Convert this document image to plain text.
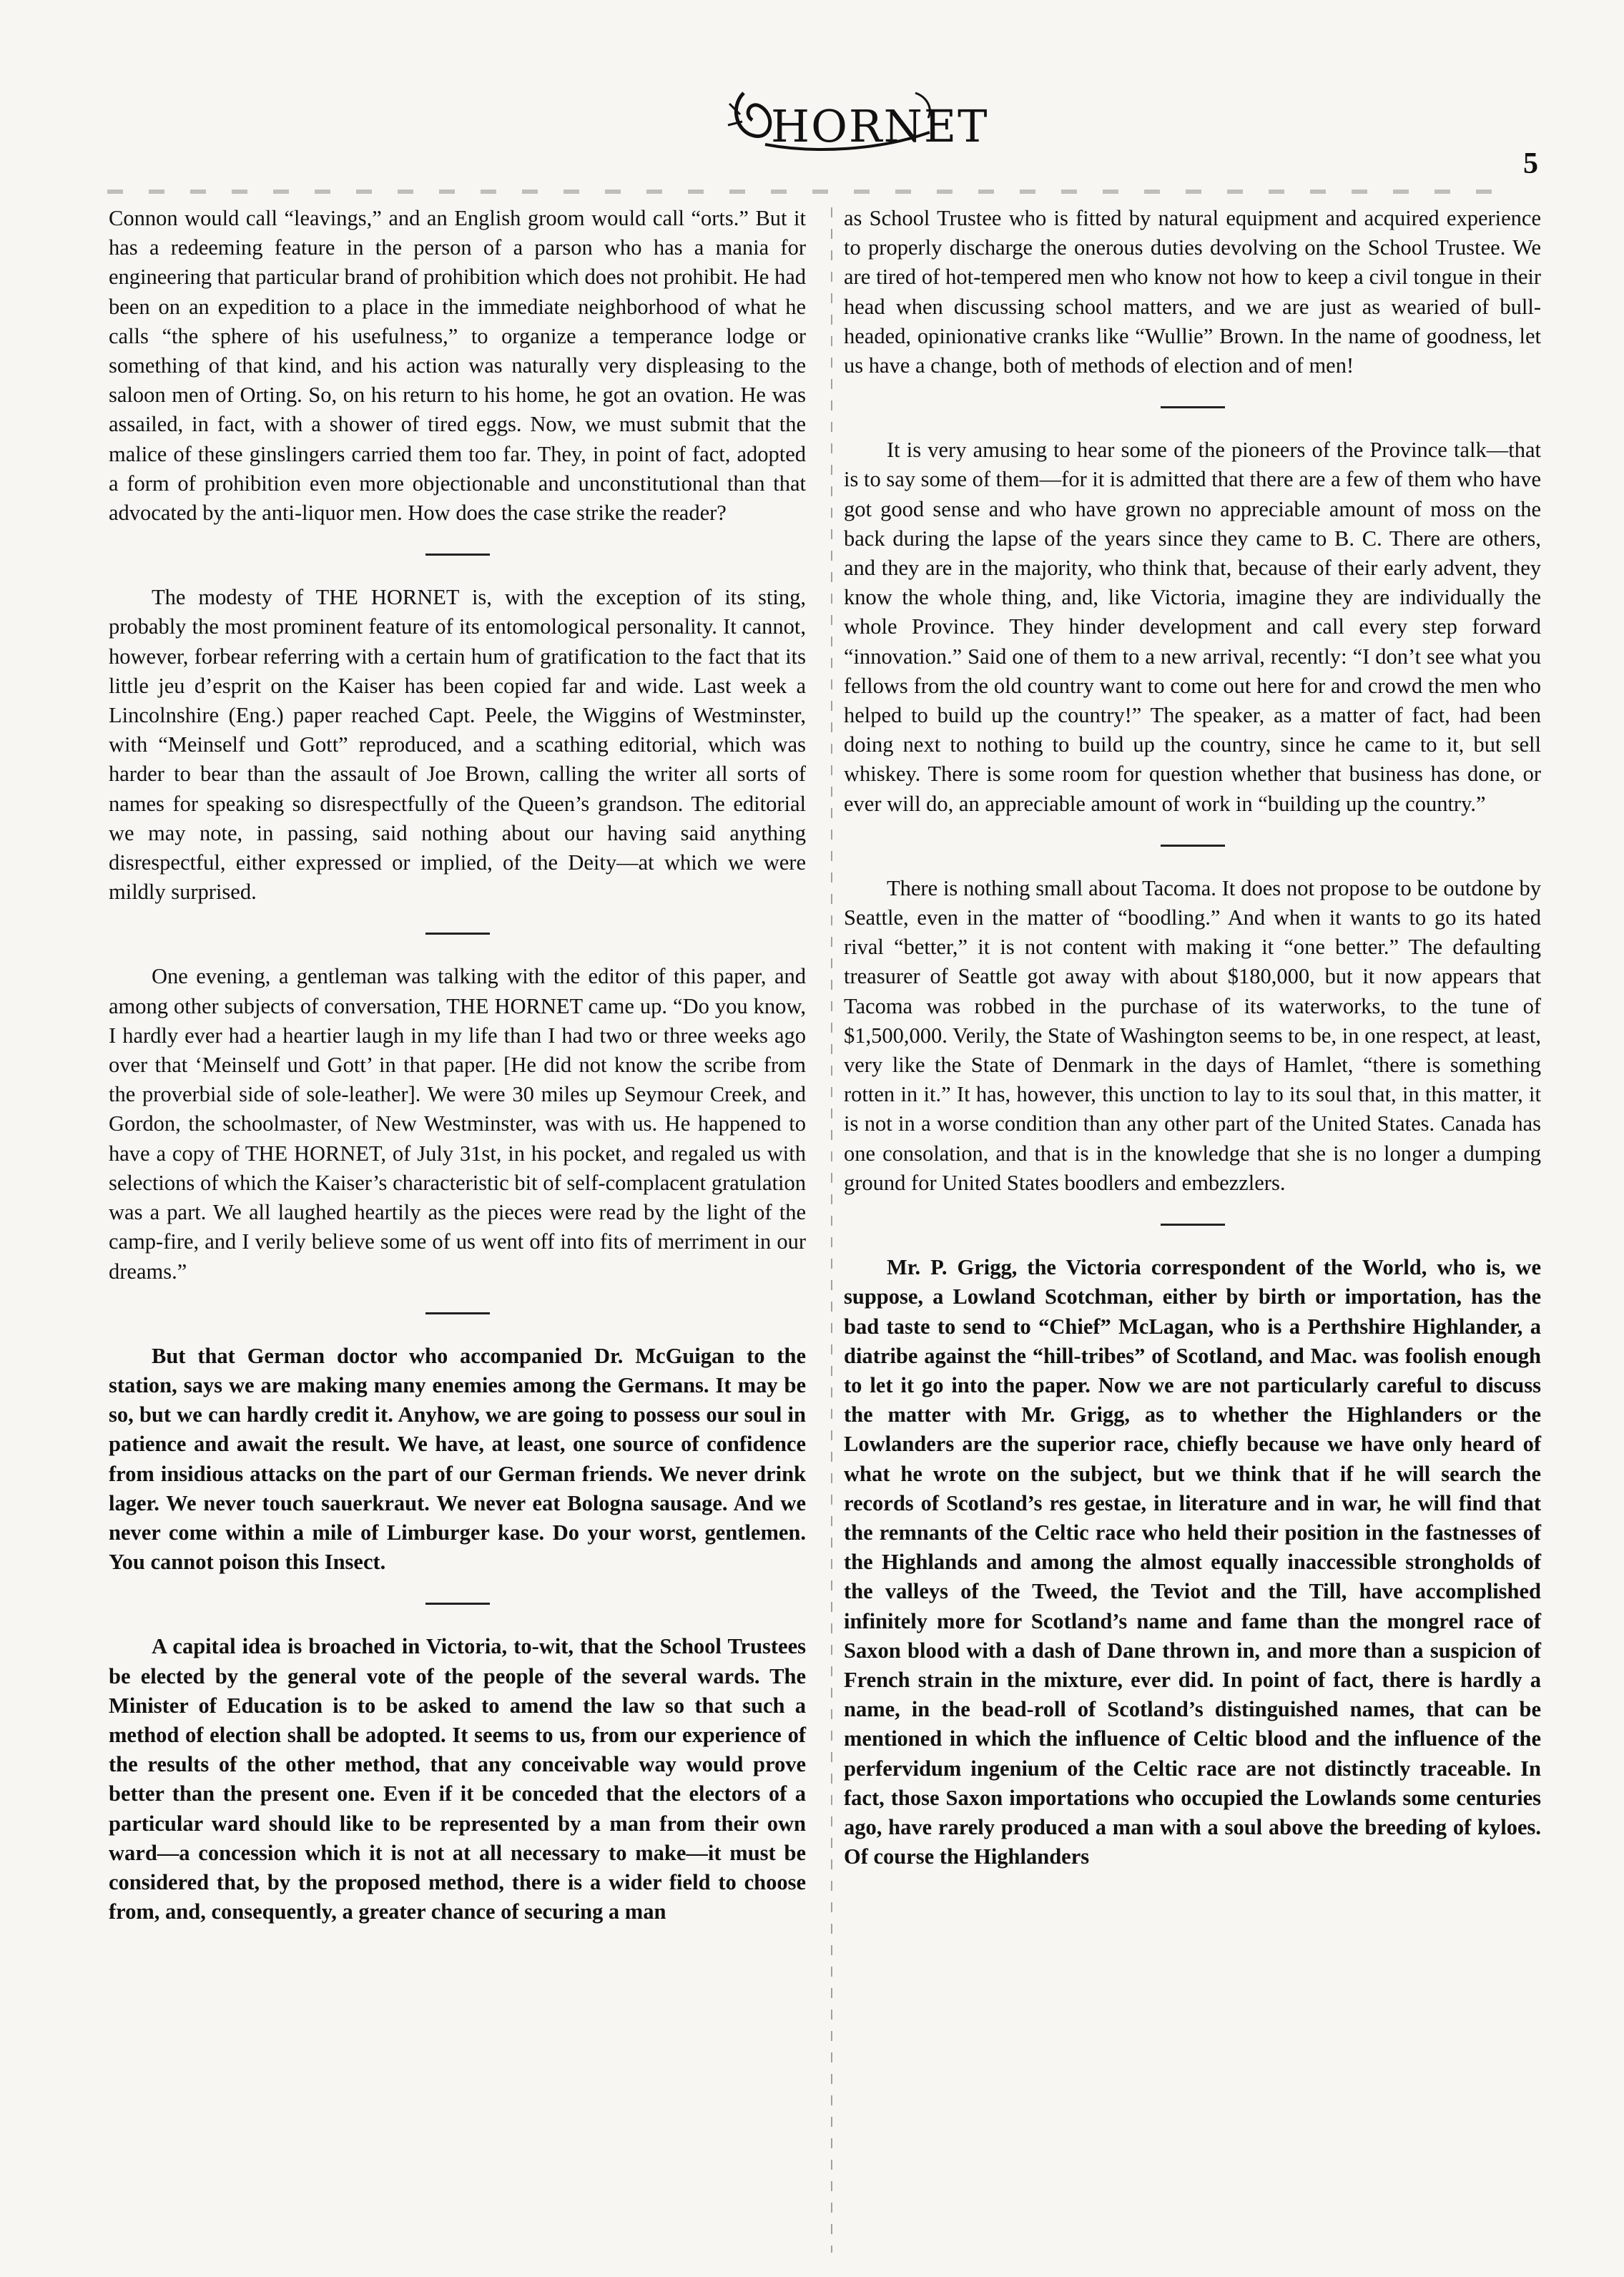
HORNET
5

Connon would call “leavings,” and an English groom would call “orts.” But it has a redeeming feature in the person of a parson who has a mania for engineering that particular brand of prohibition which does not prohibit. He had been on an expedition to a place in the immediate neighborhood of what he calls “the sphere of his usefulness,” to organize a temperance lodge or something of that kind, and his action was naturally very displeasing to the saloon men of Orting. So, on his return to his home, he got an ovation. He was assailed, in fact, with a shower of tired eggs. Now, we must submit that the malice of these ginslingers carried them too far. They, in point of fact, adopted a form of prohibition even more objectionable and unconstitutional than that advocated by the anti-liquor men. How does the case strike the reader?

The modesty of THE HORNET is, with the exception of its sting, probably the most prominent feature of its entomological personality. It cannot, however, forbear referring with a certain hum of gratification to the fact that its little jeu d’esprit on the Kaiser has been copied far and wide. Last week a Lincolnshire (Eng.) paper reached Capt. Peele, the Wiggins of Westminster, with “Meinself und Gott” reproduced, and a scathing editorial, which was harder to bear than the assault of Joe Brown, calling the writer all sorts of names for speaking so disrespectfully of the Queen’s grandson. The editorial we may note, in passing, said nothing about our having said anything disrespectful, either expressed or implied, of the Deity—at which we were mildly surprised.

One evening, a gentleman was talking with the editor of this paper, and among other subjects of conversation, THE HORNET came up. “Do you know, I hardly ever had a heartier laugh in my life than I had two or three weeks ago over that ‘Meinself und Gott’ in that paper. [He did not know the scribe from the proverbial side of sole-leather]. We were 30 miles up Seymour Creek, and Gordon, the schoolmaster, of New Westminster, was with us. He happened to have a copy of THE HORNET, of July 31st, in his pocket, and regaled us with selections of which the Kaiser’s characteristic bit of self-complacent gratulation was a part. We all laughed heartily as the pieces were read by the light of the camp-fire, and I verily believe some of us went off into fits of merriment in our dreams.”

But that German doctor who accompanied Dr. McGuigan to the station, says we are making many enemies among the Germans. It may be so, but we can hardly credit it. Anyhow, we are going to possess our soul in patience and await the result. We have, at least, one source of confidence from insidious attacks on the part of our German friends. We never drink lager. We never touch sauerkraut. We never eat Bologna sausage. And we never come within a mile of Limburger kase. Do your worst, gentlemen. You cannot poison this Insect.

A capital idea is broached in Victoria, to-wit, that the School Trustees be elected by the general vote of the people of the several wards. The Minister of Education is to be asked to amend the law so that such a method of election shall be adopted. It seems to us, from our experience of the results of the other method, that any conceivable way would prove better than the present one. Even if it be conceded that the electors of a particular ward should like to be represented by a man from their own ward—a concession which it is not at all necessary to make—it must be considered that, by the proposed method, there is a wider field to choose from, and, consequently, a greater chance of securing a man

as School Trustee who is fitted by natural equipment and acquired experience to properly discharge the onerous duties devolving on the School Trustee. We are tired of hot-tempered men who know not how to keep a civil tongue in their head when discussing school matters, and we are just as wearied of bull-headed, opinionative cranks like “Wullie” Brown. In the name of goodness, let us have a change, both of methods of election and of men!

It is very amusing to hear some of the pioneers of the Province talk—that is to say some of them—for it is admitted that there are a few of them who have got good sense and who have grown no appreciable amount of moss on the back during the lapse of the years since they came to B. C. There are others, and they are in the majority, who think that, because of their early advent, they know the whole thing, and, like Victoria, imagine they are individually the whole Province. They hinder development and call every step forward “innovation.” Said one of them to a new arrival, recently: “I don’t see what you fellows from the old country want to come out here for and crowd the men who helped to build up the country!” The speaker, as a matter of fact, had been doing next to nothing to build up the country, since he came to it, but sell whiskey. There is some room for question whether that business has done, or ever will do, an appreciable amount of work in “building up the country.”

There is nothing small about Tacoma. It does not propose to be outdone by Seattle, even in the matter of “boodling.” And when it wants to go its hated rival “better,” it is not content with making it “one better.” The defaulting treasurer of Seattle got away with about $180,000, but it now appears that Tacoma was robbed in the purchase of its waterworks, to the tune of $1,500,000. Verily, the State of Washington seems to be, in one respect, at least, very like the State of Denmark in the days of Hamlet, “there is something rotten in it.” It has, however, this unction to lay to its soul that, in this matter, it is not in a worse condition than any other part of the United States. Canada has one consolation, and that is in the knowledge that she is no longer a dumping ground for United States boodlers and embezzlers.

Mr. P. Grigg, the Victoria correspondent of the World, who is, we suppose, a Lowland Scotchman, either by birth or importation, has the bad taste to send to “Chief” McLagan, who is a Perthshire Highlander, a diatribe against the “hill-tribes” of Scotland, and Mac. was foolish enough to let it go into the paper. Now we are not particularly careful to discuss the matter with Mr. Grigg, as to whether the Highlanders or the Lowlanders are the superior race, chiefly because we have only heard of what he wrote on the subject, but we think that if he will search the records of Scotland’s res gestae, in literature and in war, he will find that the remnants of the Celtic race who held their position in the fastnesses of the Highlands and among the almost equally inaccessible strongholds of the valleys of the Tweed, the Teviot and the Till, have accomplished infinitely more for Scotland’s name and fame than the mongrel race of Saxon blood with a dash of Dane thrown in, and more than a suspicion of French strain in the mixture, ever did. In point of fact, there is hardly a name, in the bead-roll of Scotland’s distinguished names, that can be mentioned in which the influence of Celtic blood and the influence of the perfervidum ingenium of the Celtic race are not distinctly traceable. In fact, those Saxon importations who occupied the Lowlands some centuries ago, have rarely produced a man with a soul above the breeding of kyloes. Of course the Highlanders
